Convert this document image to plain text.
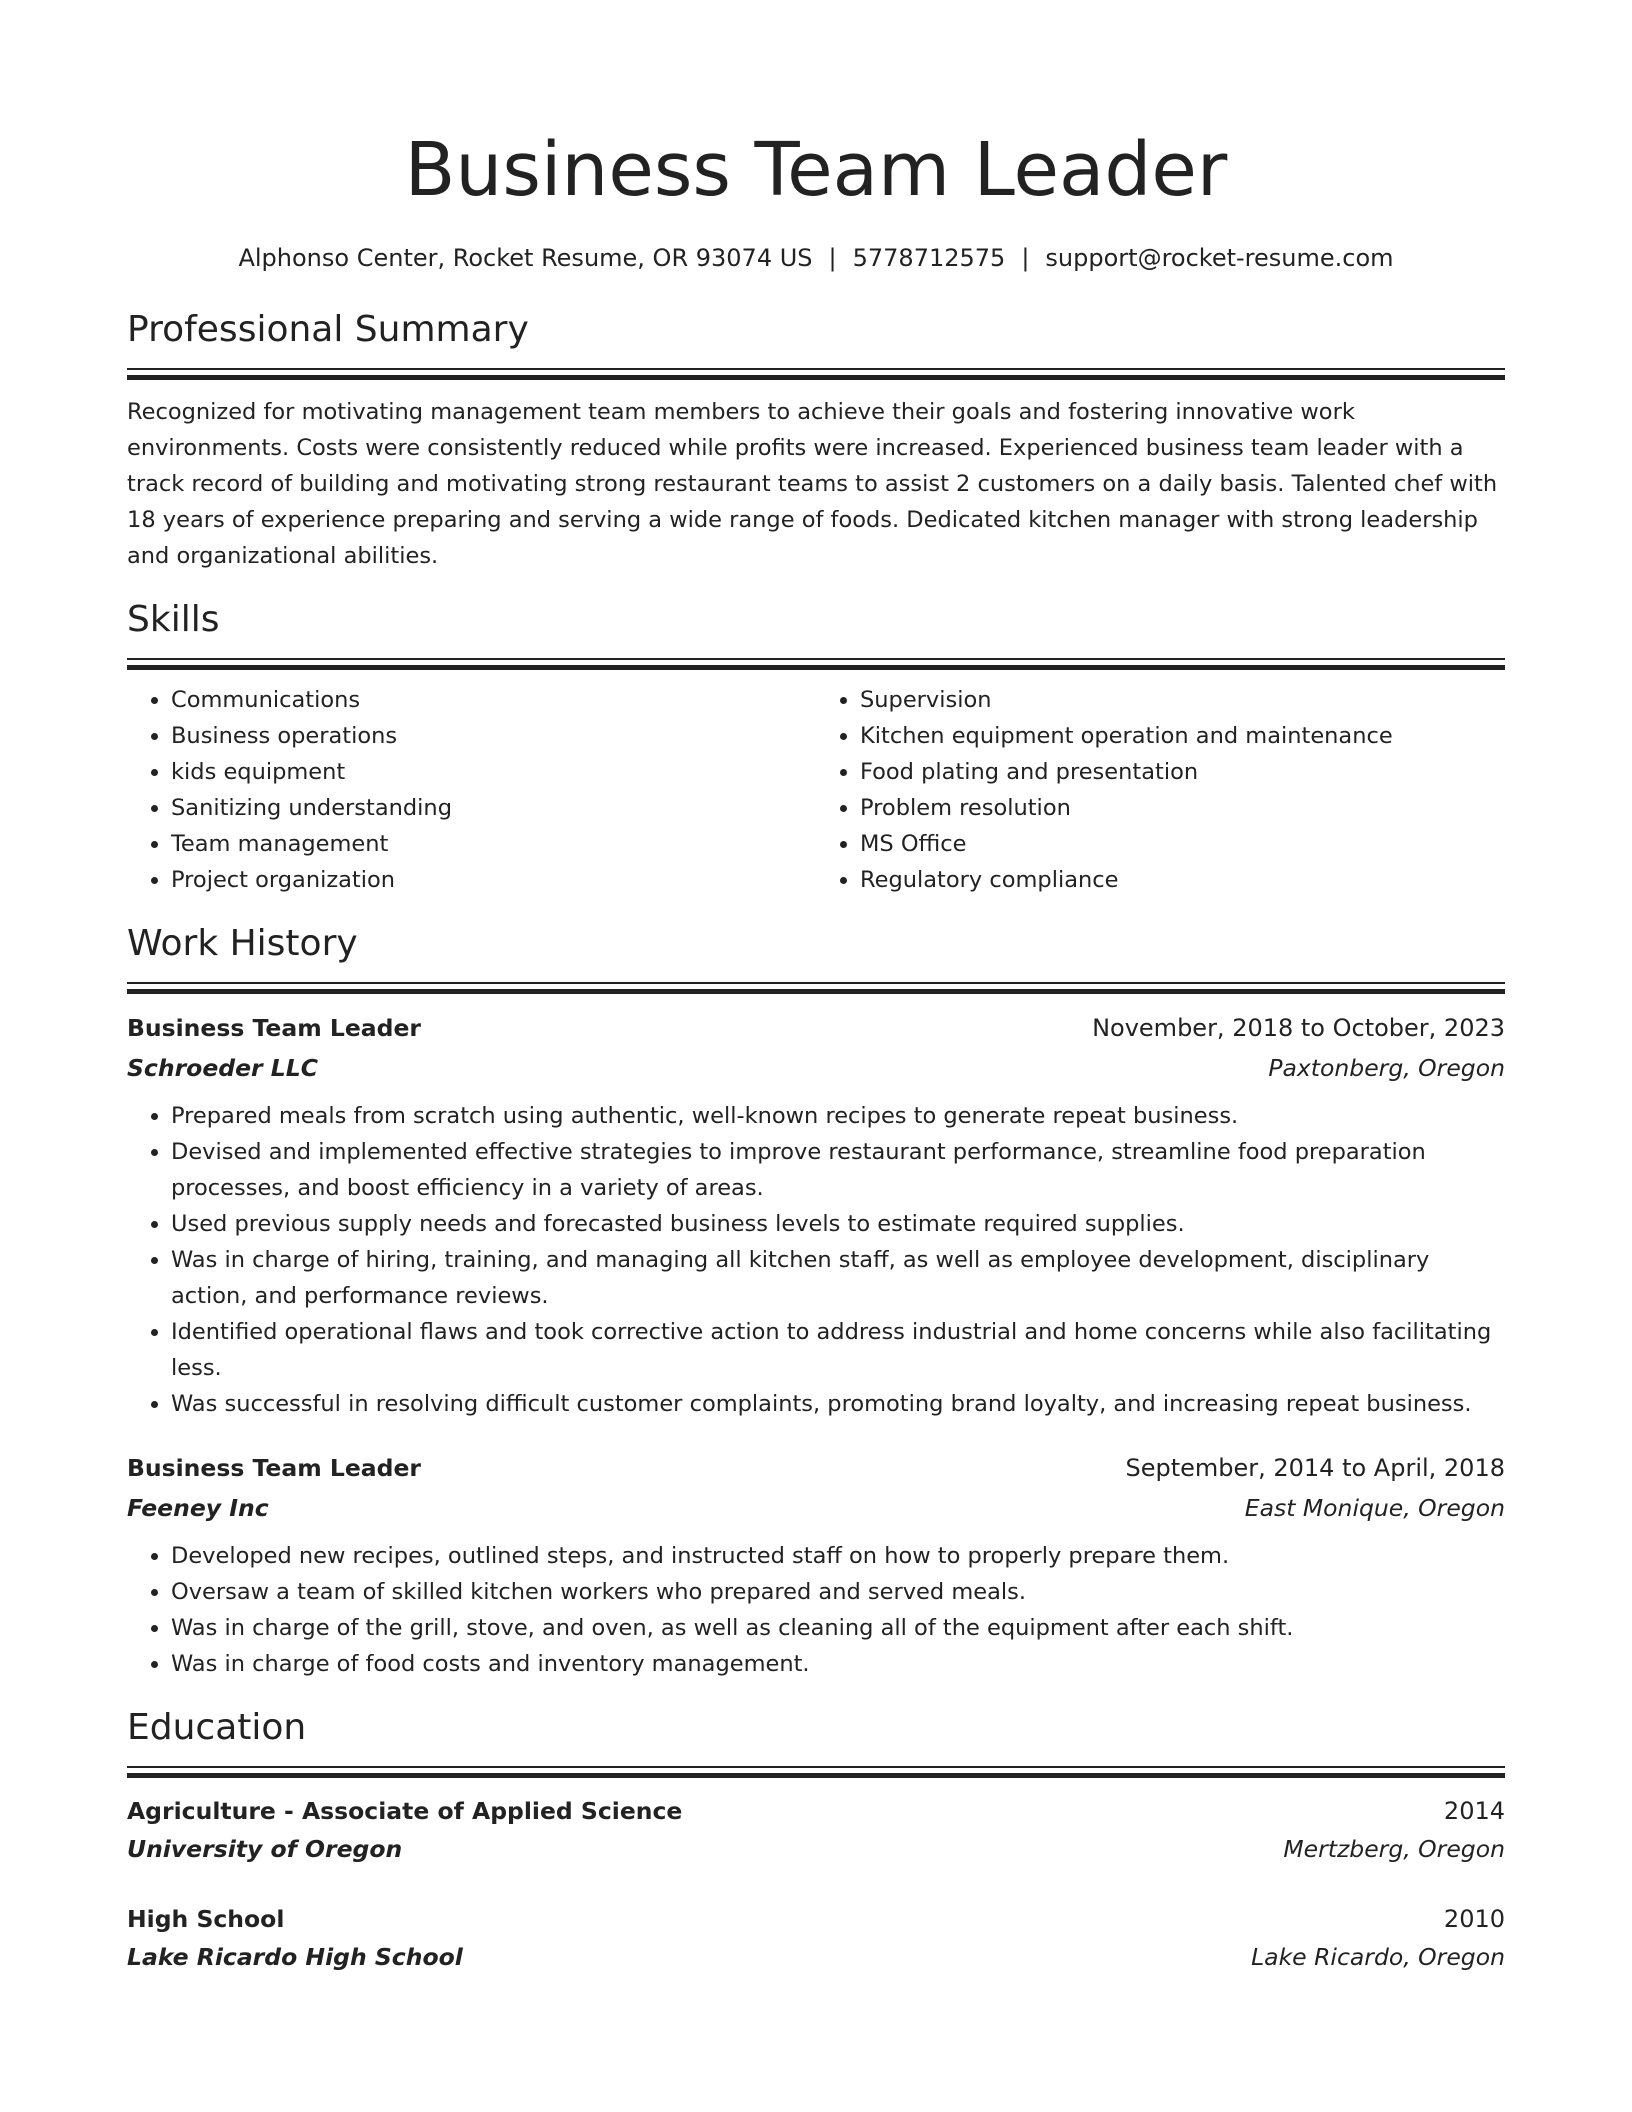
Business Team Leader
Alphonso Center, Rocket Resume, OR 93074 US | 5778712575 | support@rocket-resume.com
Professional Summary
Recognized for motivating management team members to achieve their goals and fostering innovative work environments. Costs were consistently reduced while profits were increased. Experienced business team leader with a track record of building and motivating strong restaurant teams to assist 2 customers on a daily basis. Talented chef with 18 years of experience preparing and serving a wide range of foods. Dedicated kitchen manager with strong leadership and organizational abilities.
Skills
• Communications
• Business operations
• kids equipment
• Sanitizing understanding
• Team management
• Project organization
• Supervision
• Kitchen equipment operation and maintenance
• Food plating and presentation
• Problem resolution
• MS Office
• Regulatory compliance
Work History
Business Team Leader	November, 2018 to October, 2023
Schroeder LLC	Paxtonberg, Oregon
• Prepared meals from scratch using authentic, well-known recipes to generate repeat business.
• Devised and implemented effective strategies to improve restaurant performance, streamline food preparation processes, and boost efficiency in a variety of areas.
• Used previous supply needs and forecasted business levels to estimate required supplies.
• Was in charge of hiring, training, and managing all kitchen staff, as well as employee development, disciplinary action, and performance reviews.
• Identified operational flaws and took corrective action to address industrial and home concerns while also facilitating less.
• Was successful in resolving difficult customer complaints, promoting brand loyalty, and increasing repeat business.
Business Team Leader	September, 2014 to April, 2018
Feeney Inc	East Monique, Oregon
• Developed new recipes, outlined steps, and instructed staff on how to properly prepare them.
• Oversaw a team of skilled kitchen workers who prepared and served meals.
• Was in charge of the grill, stove, and oven, as well as cleaning all of the equipment after each shift.
• Was in charge of food costs and inventory management.
Education
Agriculture - Associate of Applied Science	2014
University of Oregon	Mertzberg, Oregon
High School	2010
Lake Ricardo High School	Lake Ricardo, Oregon
